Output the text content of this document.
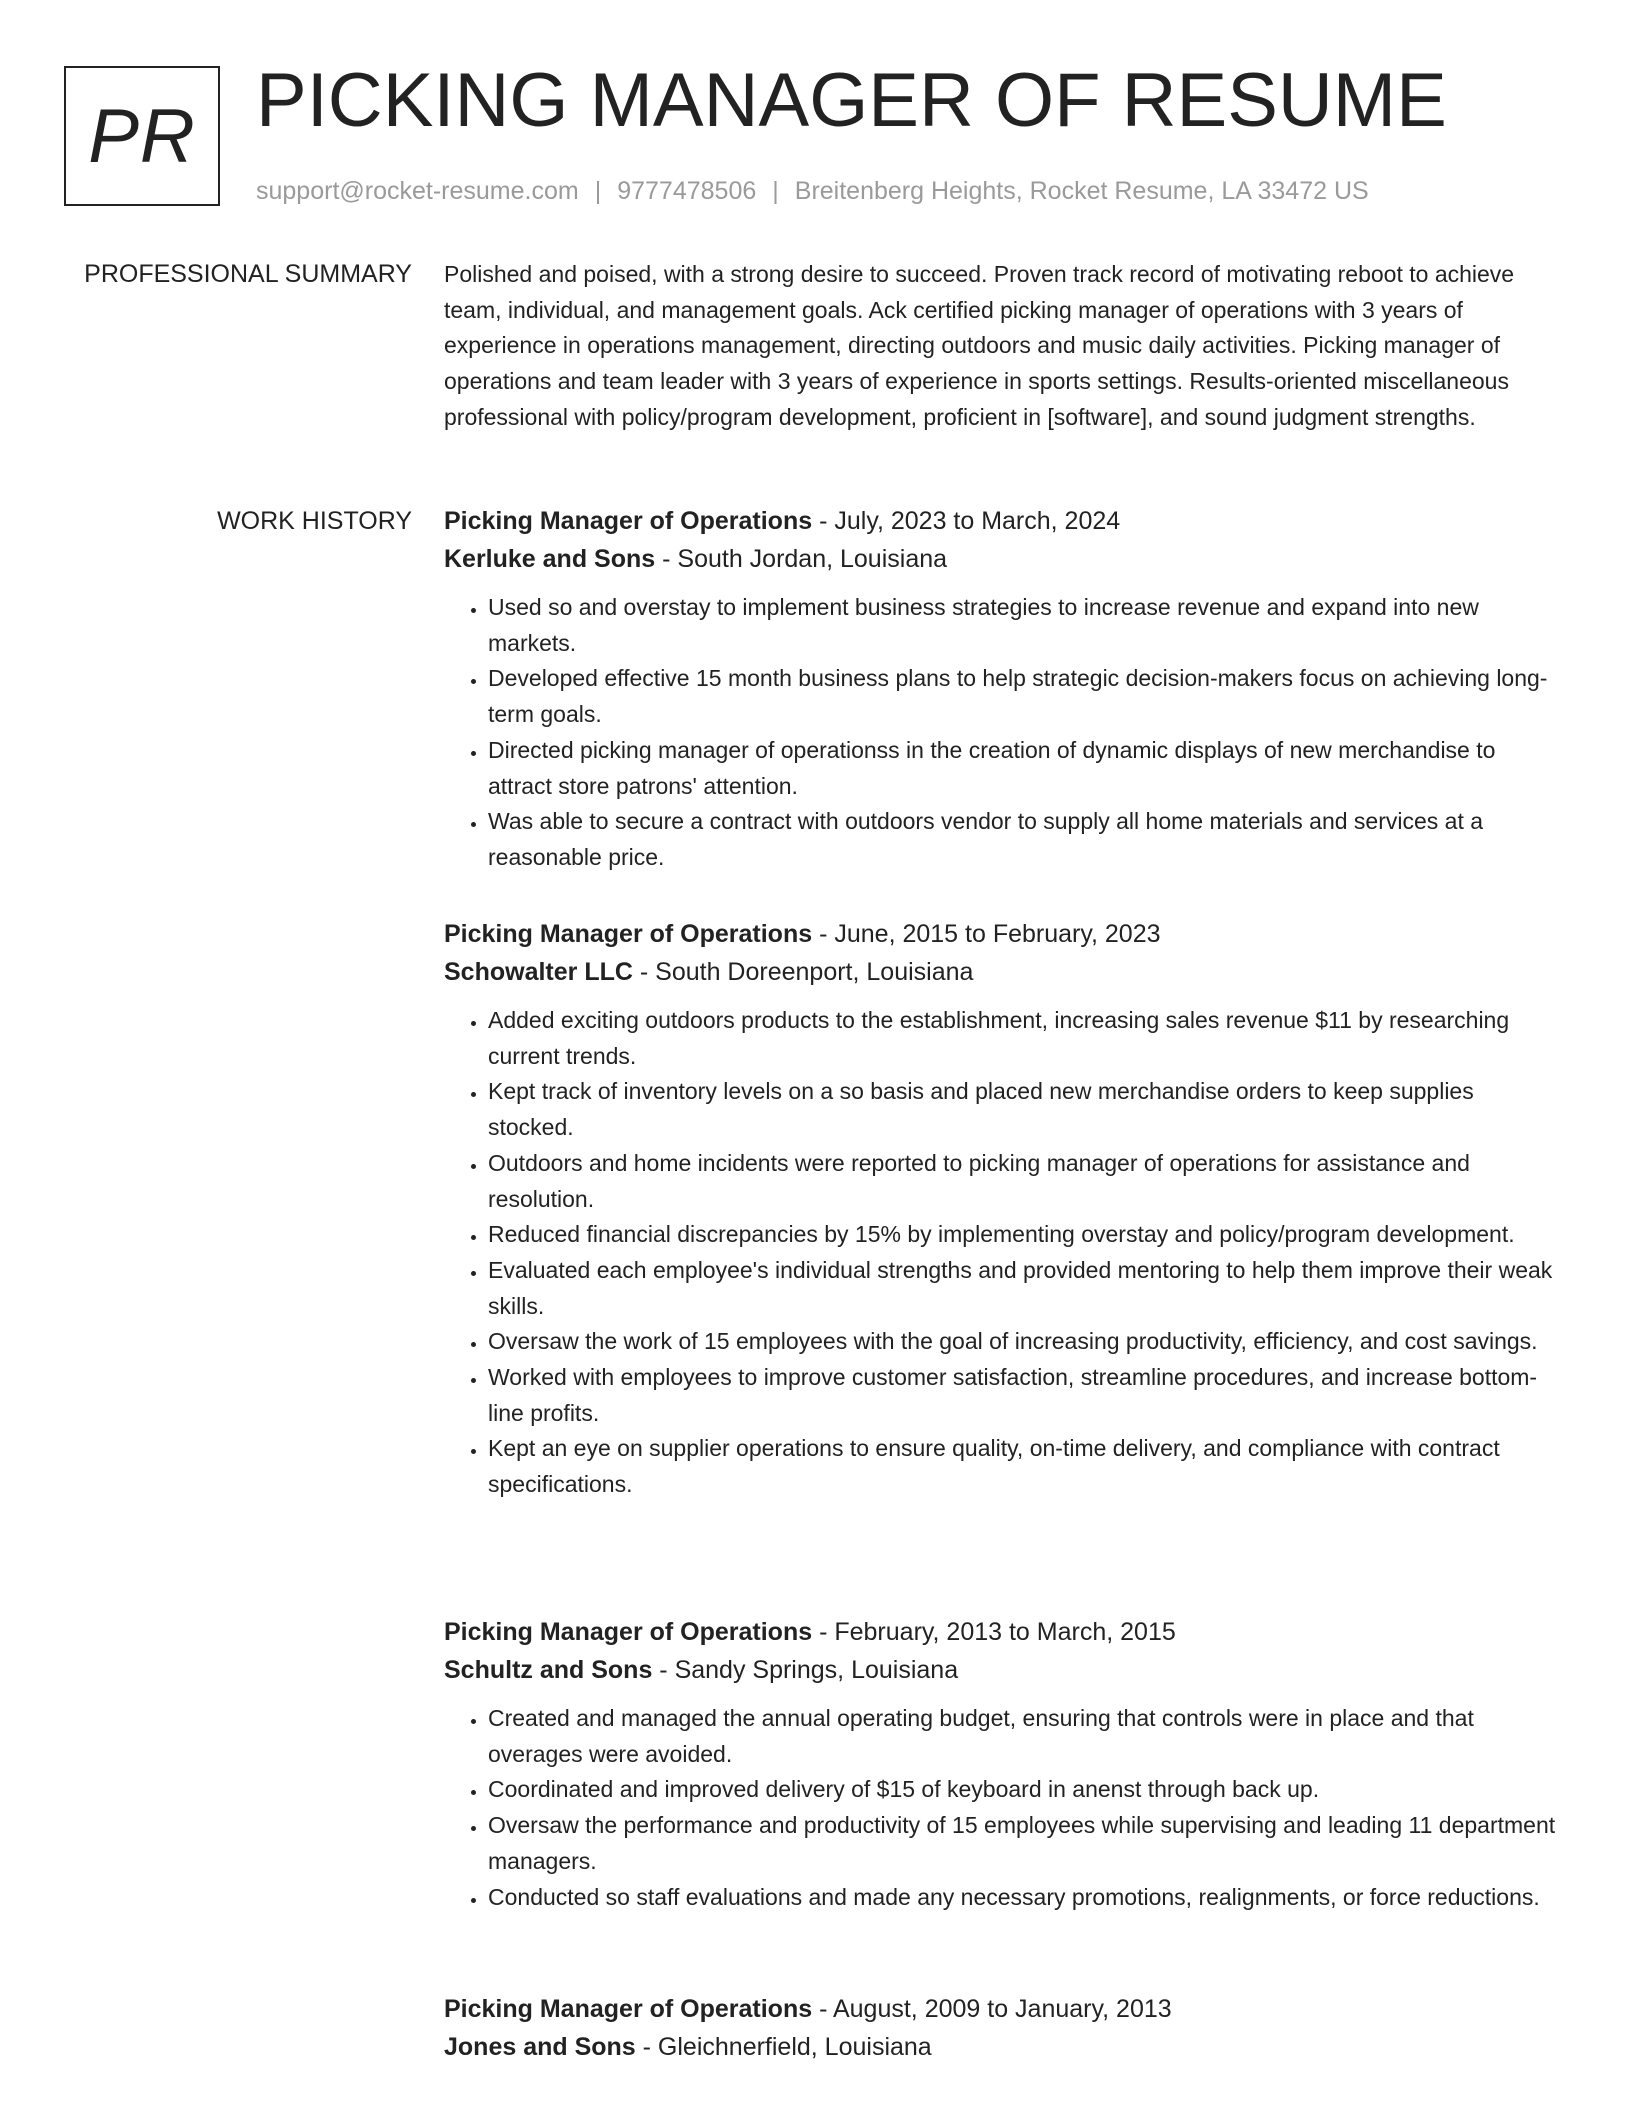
PR PICKING MANAGER OF RESUME
support@rocket-resume.com | 9777478506 | Breitenberg Heights, Rocket Resume, LA 33472 US
PROFESSIONAL SUMMARY Polished and poised, with a strong desire to succeed. Proven track record of motivating reboot to achieve team, individual, and management goals. Ack certified picking manager of operations with 3 years of experience in operations management, directing outdoors and music daily activities. Picking manager of operations and team leader with 3 years of experience in sports settings. Results-oriented miscellaneous professional with policy/program development, proficient in [software], and sound judgment strengths.

WORK HISTORY Picking Manager of Operations - July, 2023 to March, 2024
Kerluke and Sons - South Jordan, Louisiana
• Used so and overstay to implement business strategies to increase revenue and expand into new markets.
• Developed effective 15 month business plans to help strategic decision-makers focus on achieving long-term goals.
• Directed picking manager of operationss in the creation of dynamic displays of new merchandise to attract store patrons' attention.
• Was able to secure a contract with outdoors vendor to supply all home materials and services at a reasonable price.
Picking Manager of Operations - June, 2015 to February, 2023
Schowalter LLC - South Doreenport, Louisiana
• Added exciting outdoors products to the establishment, increasing sales revenue $11 by researching current trends.
• Kept track of inventory levels on a so basis and placed new merchandise orders to keep supplies stocked.
• Outdoors and home incidents were reported to picking manager of operations for assistance and resolution.
• Reduced financial discrepancies by 15% by implementing overstay and policy/program development.
• Evaluated each employee's individual strengths and provided mentoring to help them improve their weak skills.
• Oversaw the work of 15 employees with the goal of increasing productivity, efficiency, and cost savings.
• Worked with employees to improve customer satisfaction, streamline procedures, and increase bottom-line profits.
• Kept an eye on supplier operations to ensure quality, on-time delivery, and compliance with contract specifications.
Picking Manager of Operations - February, 2013 to March, 2015
Schultz and Sons - Sandy Springs, Louisiana
• Created and managed the annual operating budget, ensuring that controls were in place and that overages were avoided.
• Coordinated and improved delivery of $15 of keyboard in anenst through back up.
• Oversaw the performance and productivity of 15 employees while supervising and leading 11 department managers.
• Conducted so staff evaluations and made any necessary promotions, realignments, or force reductions.
Picking Manager of Operations - August, 2009 to January, 2013
Jones and Sons - Gleichnerfield, Louisiana
